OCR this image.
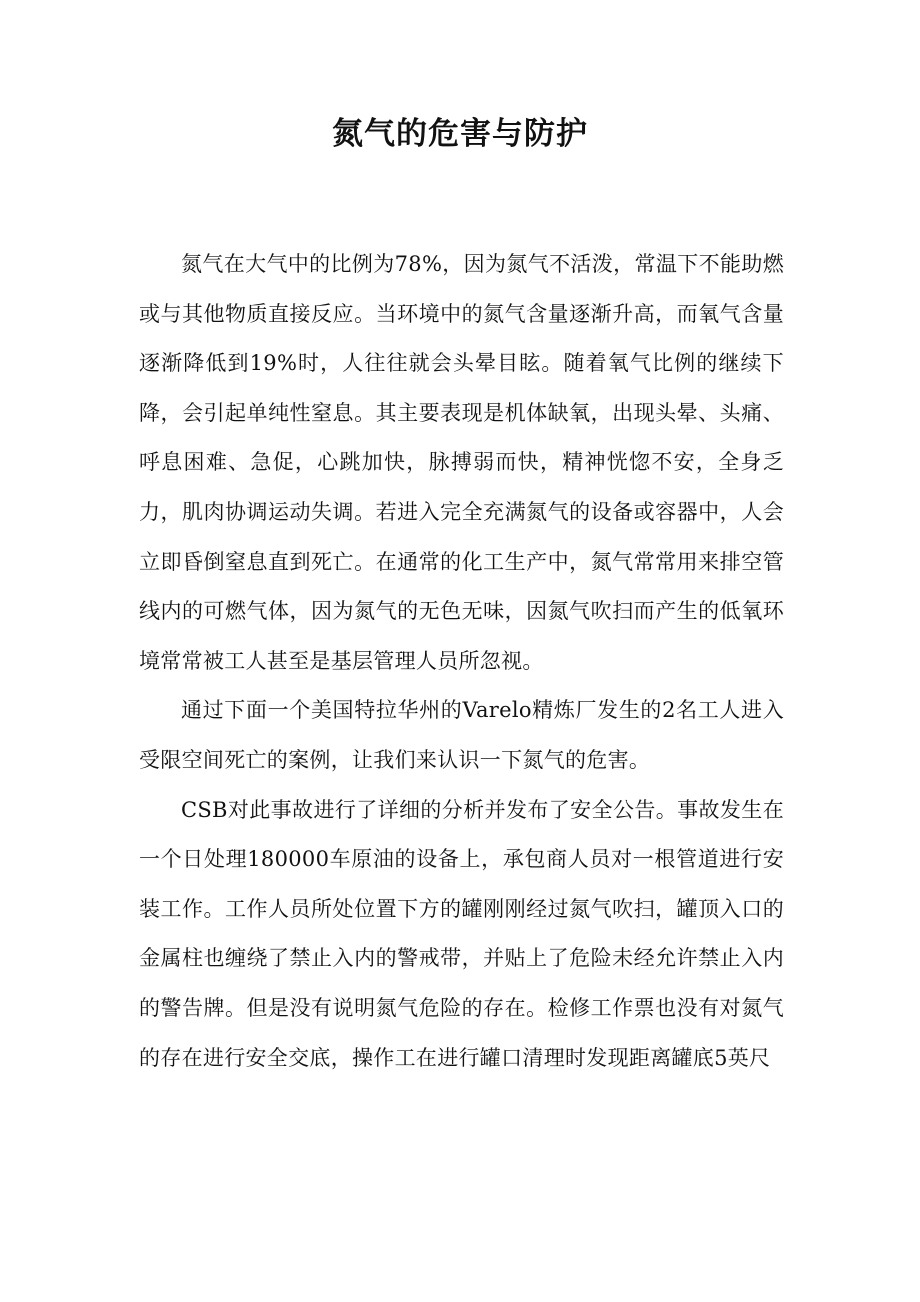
氮气的危害与防护

氮气在大气中的比例为78%，因为氮气不活泼，常温下不能助燃或与其他物质直接反应。当环境中的氮气含量逐渐升高，而氧气含量逐渐降低到19%时，人往往就会头晕目眩。随着氧气比例的继续下降，会引起单纯性窒息。其主要表现是机体缺氧，出现头晕、头痛、呼息困难、急促，心跳加快，脉搏弱而快，精神恍惚不安，全身乏力，肌肉协调运动失调。若进入完全充满氮气的设备或容器中，人会立即昏倒窒息直到死亡。在通常的化工生产中，氮气常常用来排空管线内的可燃气体，因为氮气的无色无味，因氮气吹扫而产生的低氧环境常常被工人甚至是基层管理人员所忽视。

通过下面一个美国特拉华州的Varelo精炼厂发生的2名工人进入受限空间死亡的案例，让我们来认识一下氮气的危害。

CSB对此事故进行了详细的分析并发布了安全公告。事故发生在一个日处理180000车原油的设备上，承包商人员对一根管道进行安装工作。工作人员所处位置下方的罐刚刚经过氮气吹扫，罐顶入口的金属柱也缠绕了禁止入内的警戒带，并贴上了危险未经允许禁止入内的警告牌。但是没有说明氮气危险的存在。检修工作票也没有对氮气的存在进行安全交底，操作工在进行罐口清理时发现距离罐底5英尺
